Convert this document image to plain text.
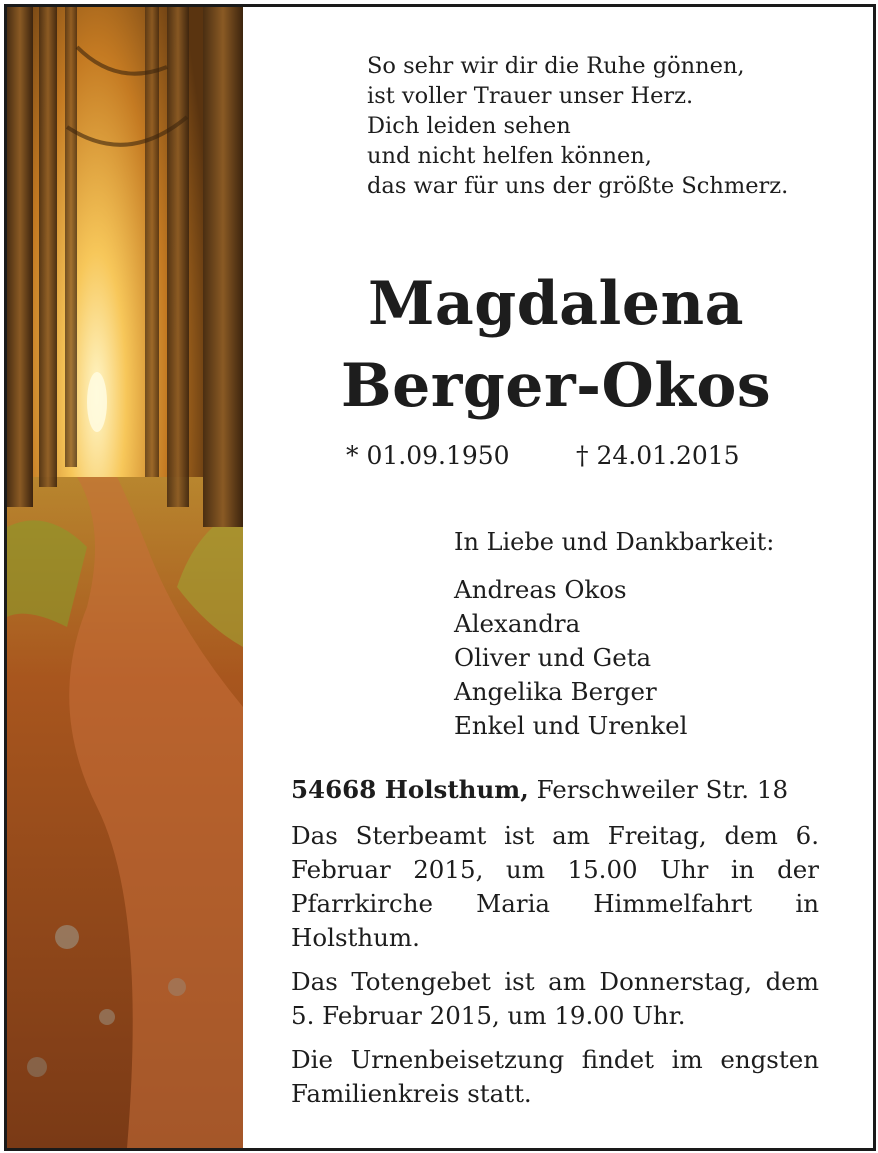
So sehr wir dir die Ruhe gönnen,
ist voller Trauer unser Herz.
Dich leiden sehen
und nicht helfen können,
das war für uns der größte Schmerz.
Magdalena
Berger-Okos
* 01.09.1950	† 24.01.2015
In Liebe und Dankbarkeit:
Andreas Okos
Alexandra
Oliver und Geta
Angelika Berger
Enkel und Urenkel
54668 Holsthum, Ferschweiler Str. 18

Das Sterbeamt ist am Freitag, dem 6. Februar 2015, um 15.00 Uhr in der Pfarrkirche Maria Himmelfahrt in Holsthum.

Das Totengebet ist am Donnerstag, dem 5. Februar 2015, um 19.00 Uhr.

Die Urnenbeisetzung findet im engsten Familienkreis statt.
